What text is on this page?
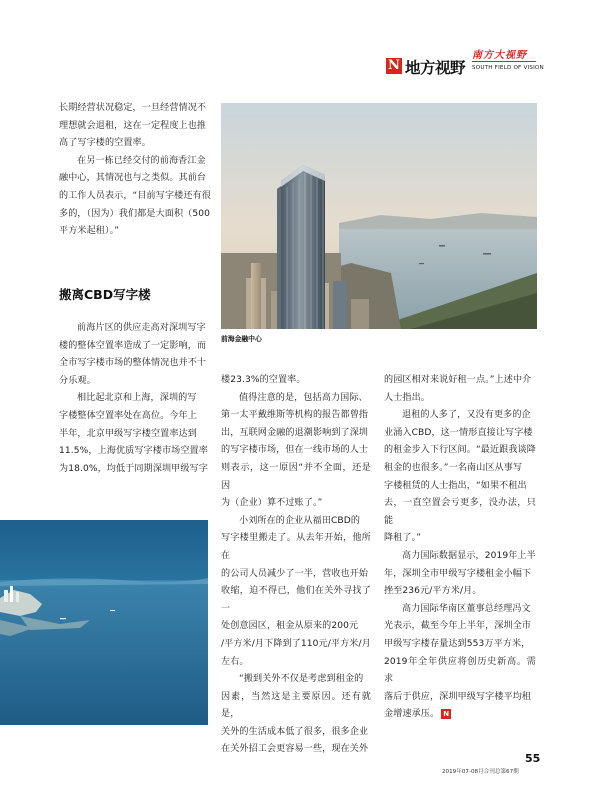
N 地方视野
南方大视野
SOUTH FIELD OF VISION
长期经营状况稳定，一旦经营情况不
理想就会退租，这在一定程度上也推
高了写字楼的空置率。
在另一栋已经交付的前海香江金
融中心，其情况也与之类似。其前台
的工作人员表示，“目前写字楼还有很
多的，（因为）我们都是大面积（500
平方米起租）。”
搬离CBD写字楼
前海片区的供应走高对深圳写字
楼的整体空置率造成了一定影响，而
全市写字楼市场的整体情况也并不十
分乐观。
相比起北京和上海，深圳的写
字楼整体空置率处在高位。今年上
半年，北京甲级写字楼空置率达到
11.5%，上海优质写字楼市场空置率
为18.0%，均低于同期深圳甲级写字
前海金融中心
楼23.3%的空置率。
值得注意的是，包括高力国际、
第一太平戴维斯等机构的报告都曾指
出，互联网金融的退潮影响到了深圳
的写字楼市场，但在一线市场的人士
则表示，这一原因“并不全面，还是因
为（企业）算不过账了。”
小刘所在的企业从福田CBD的
写字楼里搬走了。从去年开始，他所在
的公司人员减少了一半，营收也开始
收缩，迫不得已，他们在关外寻找了一
处创意园区，租金从原来的200元
/平方米/月下降到了110元/平方米/月
左右。
“搬到关外不仅是考虑到租金的
因素，当然这是主要原因。还有就是，
关外的生活成本低了很多，很多企业
在关外招工会更容易一些，现在关外
的园区相对来说好租一点。”上述中介
人士指出。
退租的人多了，又没有更多的企
业涌入CBD，这一情形直接让写字楼
的租金步入下行区间。“最近跟我谈降
租金的也很多。”一名南山区从事写
字楼租赁的人士指出，“如果不租出
去，一直空置会亏更多，没办法，只能
降租了。”
高力国际数据显示，2019年上半
年，深圳全市甲级写字楼租金小幅下
挫至236元/平方米/月。
高力国际华南区董事总经理冯文
光表示，截至今年上半年，深圳全市
甲级写字楼存量达到553万平方米，
2019年全年供应将创历史新高。需求
落后于供应，深圳甲级写字楼平均租
金增速承压。 N
55
2019年07-08月合刊总第67期
